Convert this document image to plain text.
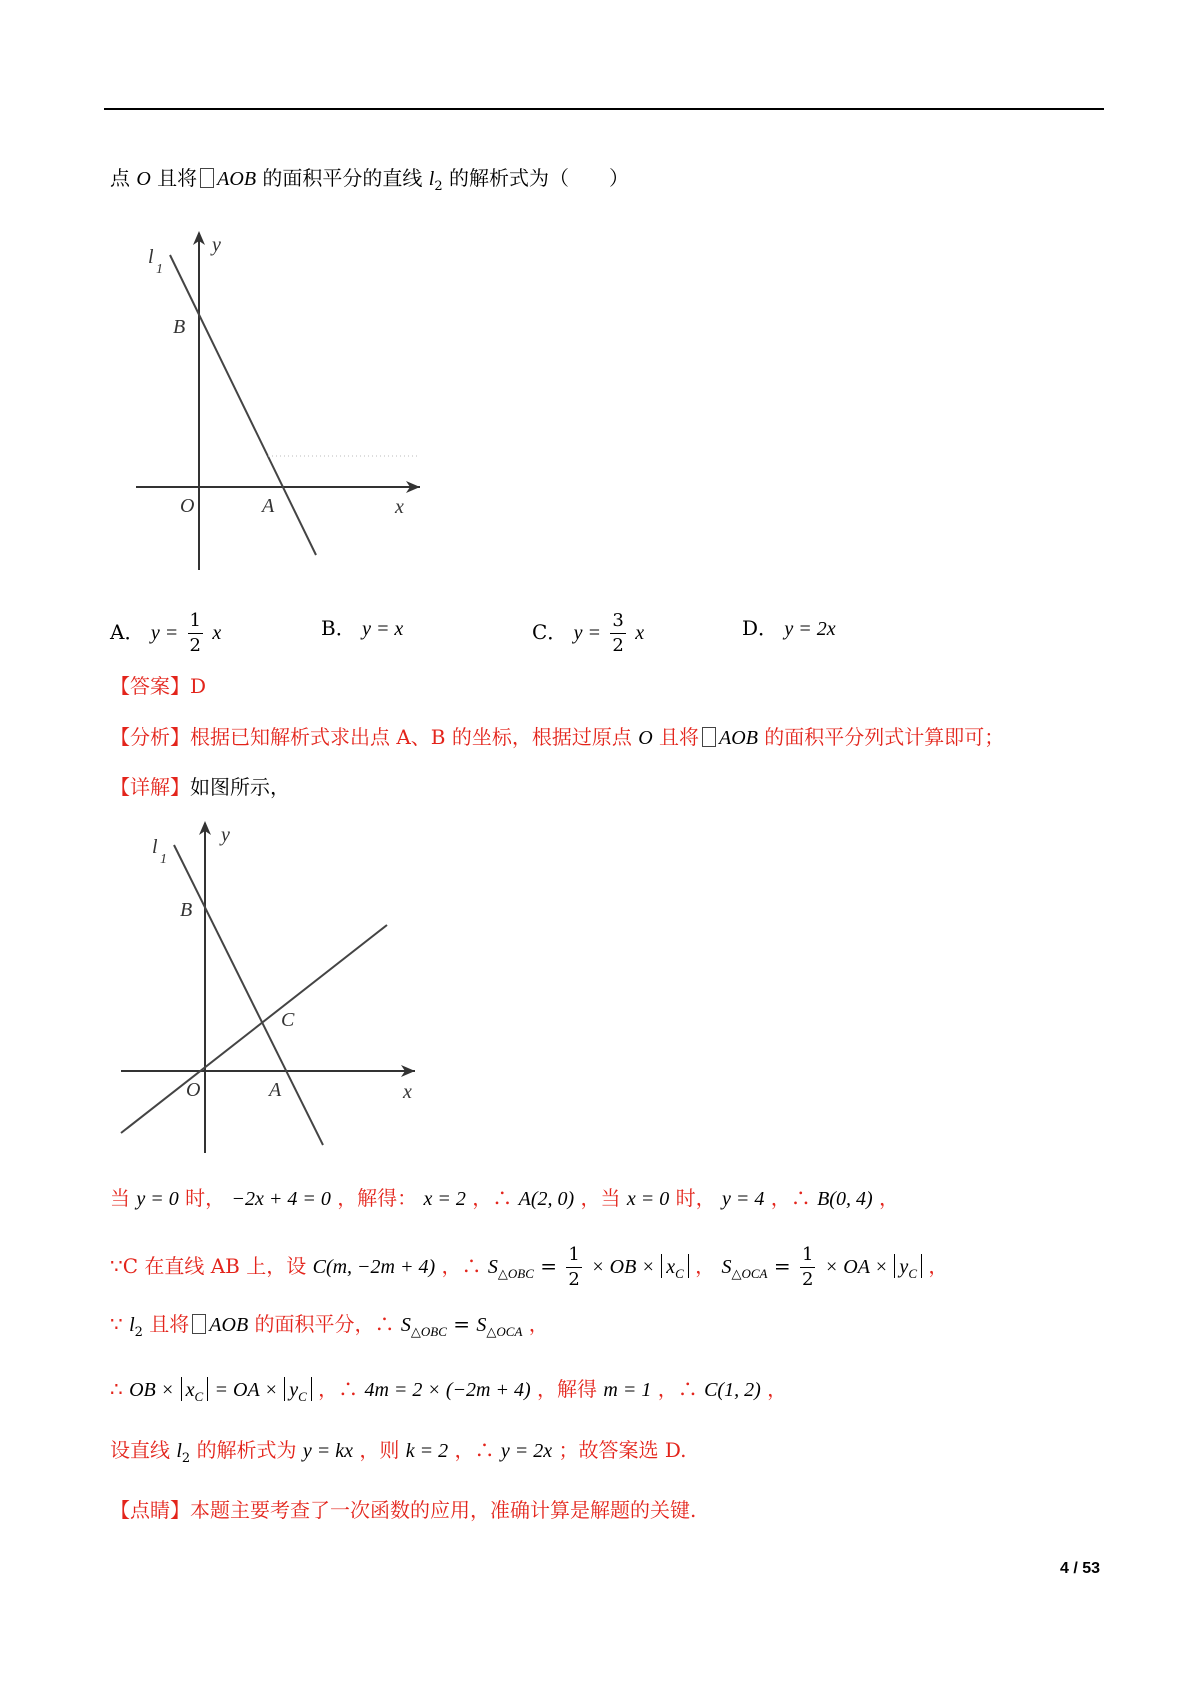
点 O 且将 AOB 的面积平分的直线 $l_2$ 的解析式为（　　）
l
1
y
x
B
O	A
A． $y = \frac{1}{2}$ x	B． y = x	C． $y = \frac{3}{2}$ x	D． y = 2x
【答案】D
【分析】根据已知解析式求出点 A、B 的坐标，根据过原点 O 且将 AOB 的面积平分列式计算即可；
【详解】如图所示，
l
1
y
x
B
C
O	A
当 y = 0 时， −2x + 4 = 0 ，解得： x = 2 ，∴ A(2, 0) ，当 x = 0 时， y = 4 ，∴ B(0, 4) ，
∵C 在直线 AB 上，设 C(m, −2m + 4) ，∴ $S_{\triangle OBC} = \frac{1}{2}$ × OB × $x_C$ ， $S_{\triangle OCA} = \frac{1}{2}$ × OA × $y_C$ ，
∵ $l_2$ 且将 AOB 的面积平分，∴ $S_{\triangle OBC} = S_{\triangle OCA}$ ，
∴ OB × $x_C$ = OA × $y_C$ ，∴ 4m = 2 × (−2m + 4) ，解得 m = 1 ，∴ C(1, 2) ，
设直线 $l_2$ 的解析式为 y = kx ，则 k = 2 ，∴ y = 2x ；故答案选 D.
【点睛】本题主要考查了一次函数的应用，准确计算是解题的关键.
4 / 53
